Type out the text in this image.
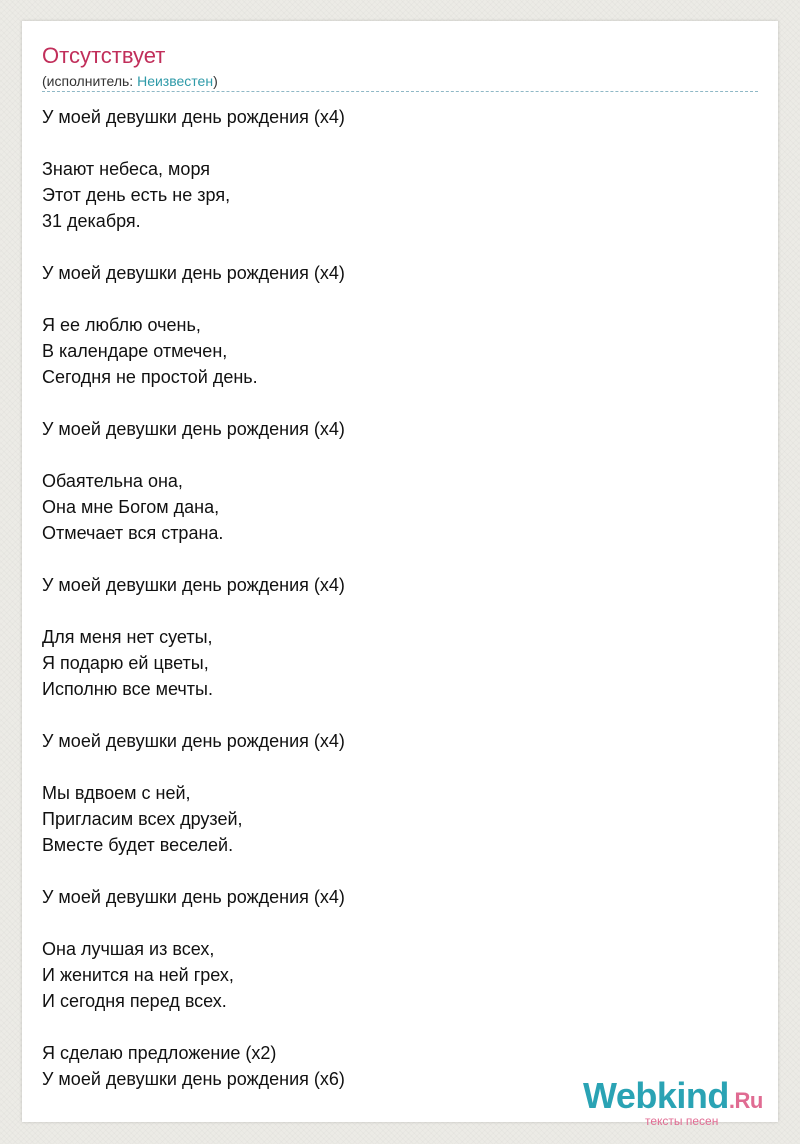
Отсутствует
(исполнитель: Неизвестен)
У моей девушки день рождения (x4)
Знают небеса, моря
Этот день есть не зря,
31 декабря.
У моей девушки день рождения (x4)
Я ее люблю очень,
В календаре отмечен,
Сегодня не простой день.
У моей девушки день рождения (x4)
Обаятельна она,
Она мне Богом дана,
Отмечает вся страна.
У моей девушки день рождения (x4)
Для меня нет суеты,
Я подарю ей цветы,
Исполню все мечты.
У моей девушки день рождения (x4)
Мы вдвоем с ней,
Пригласим всех друзей,
Вместе будет веселей.
У моей девушки день рождения (x4)
Она лучшая из всех,
И женится на ней грех,
И сегодня перед всех.
Я сделаю предложение (x2)
У моей девушки день рождения (x6)	Webkind.Ru
тексты песен
